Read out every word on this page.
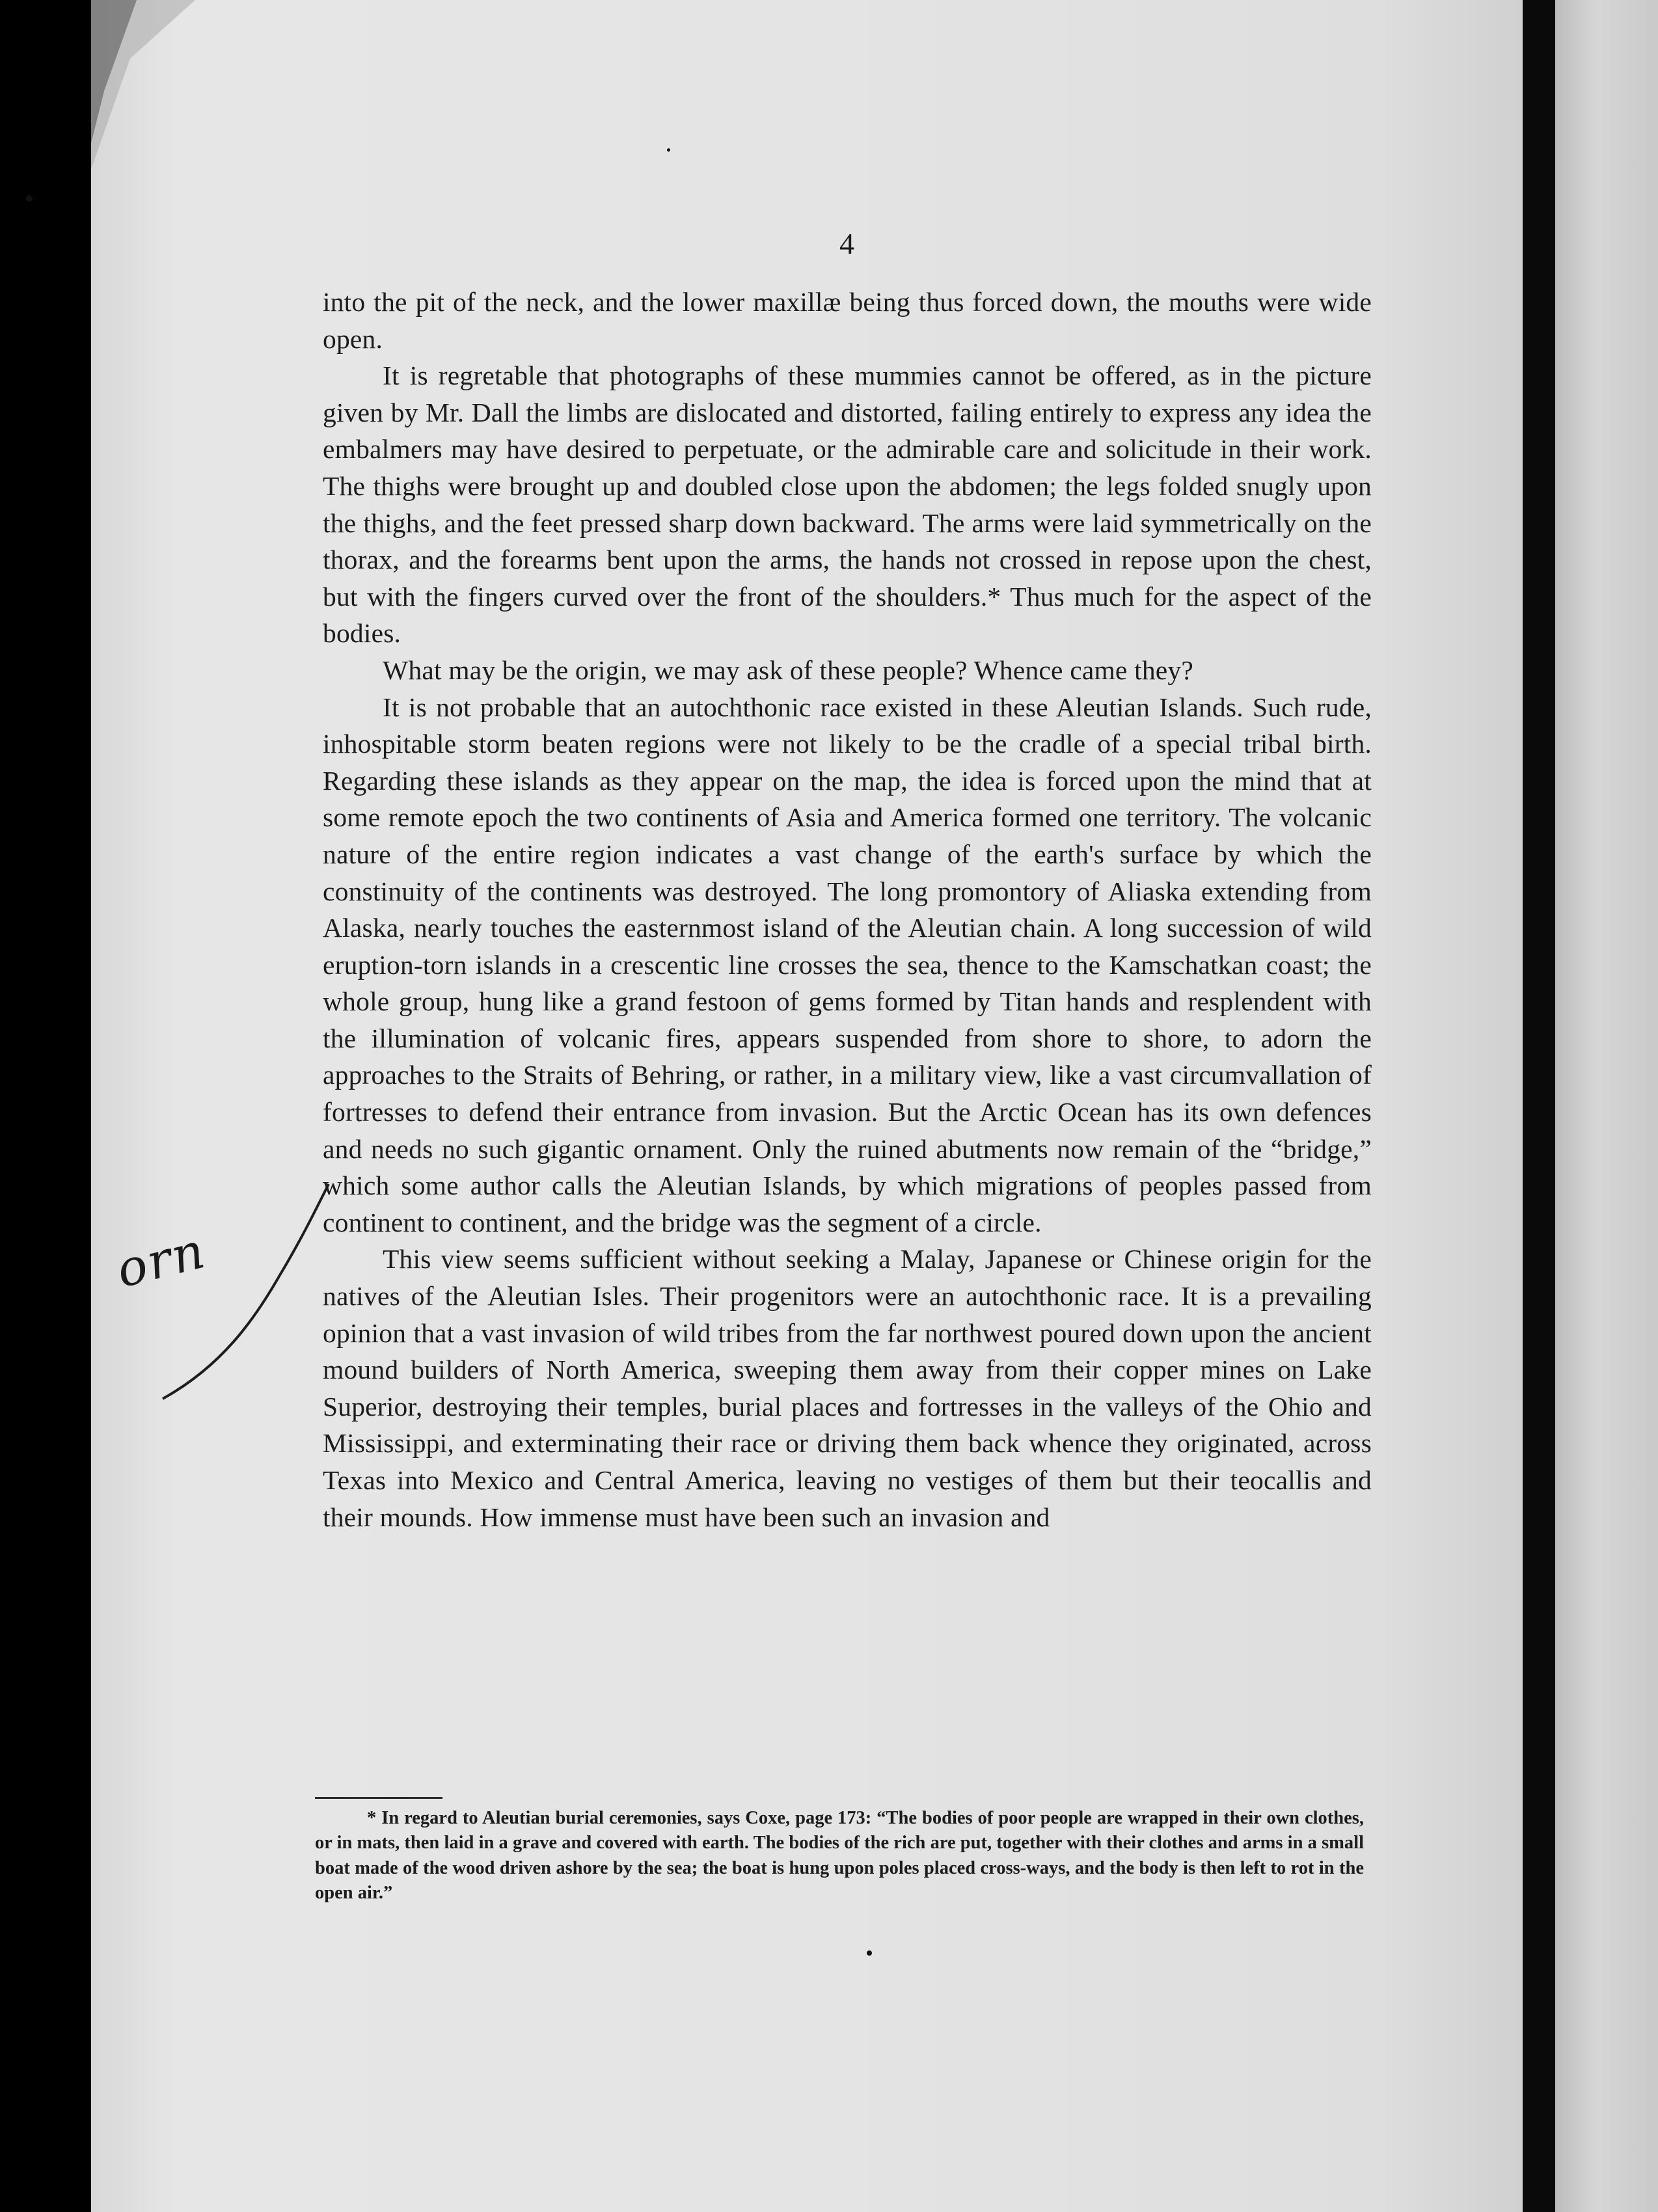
4

into the pit of the neck, and the lower maxillæ being thus forced down, the mouths were wide open.

It is regretable that photographs of these mummies cannot be offered, as in the picture given by Mr. Dall the limbs are dislocated and distorted, failing entirely to express any idea the embalmers may have desired to perpetuate, or the admirable care and solicitude in their work. The thighs were brought up and doubled close upon the abdomen; the legs folded snugly upon the thighs, and the feet pressed sharp down backward. The arms were laid symmetrically on the thorax, and the forearms bent upon the arms, the hands not crossed in repose upon the chest, but with the fingers curved over the front of the shoulders.* Thus much for the aspect of the bodies.

What may be the origin, we may ask of these people? Whence came they?

It is not probable that an autochthonic race existed in these Aleutian Islands. Such rude, inhospitable storm beaten regions were not likely to be the cradle of a special tribal birth. Regarding these islands as they appear on the map, the idea is forced upon the mind that at some remote epoch the two continents of Asia and America formed one territory. The volcanic nature of the entire region indicates a vast change of the earth's surface by which the constinuity of the continents was destroyed. The long promontory of Aliaska extending from Alaska, nearly touches the easternmost island of the Aleutian chain. A long succession of wild eruption-torn islands in a crescentic line crosses the sea, thence to the Kamschatkan coast; the whole group, hung like a grand festoon of gems formed by Titan hands and resplendent with the illumination of volcanic fires, appears suspended from shore to shore, to adorn the approaches to the Straits of Behring, or rather, in a military view, like a vast circumvallation of fortresses to defend their entrance from invasion. But the Arctic Ocean has its own defences and needs no such gigantic ornament. Only the ruined abutments now remain of the “bridge,” which some author calls the Aleutian Islands, by which migrations of peoples passed from continent to continent, and the bridge was the segment of a circle.

This view seems sufficient without seeking a Malay, Japanese or Chinese origin for the natives of the Aleutian Isles. Their progenitors were an autochthonic race. It is a prevailing opinion that a vast invasion of wild tribes from the far northwest poured down upon the ancient mound builders of North America, sweeping them away from their copper mines on Lake Superior, destroying their temples, burial places and fortresses in the valleys of the Ohio and Mississippi, and exterminating their race or driving them back whence they originated, across Texas into Mexico and Central America, leaving no vestiges of them but their teocallis and their mounds. How immense must have been such an invasion and

* In regard to Aleutian burial ceremonies, says Coxe, page 173: “The bodies of poor people are wrapped in their own clothes, or in mats, then laid in a grave and covered with earth. The bodies of the rich are put, together with their clothes and arms in a small boat made of the wood driven ashore by the sea; the boat is hung upon poles placed cross-ways, and the body is then left to rot in the open air.”

orn
